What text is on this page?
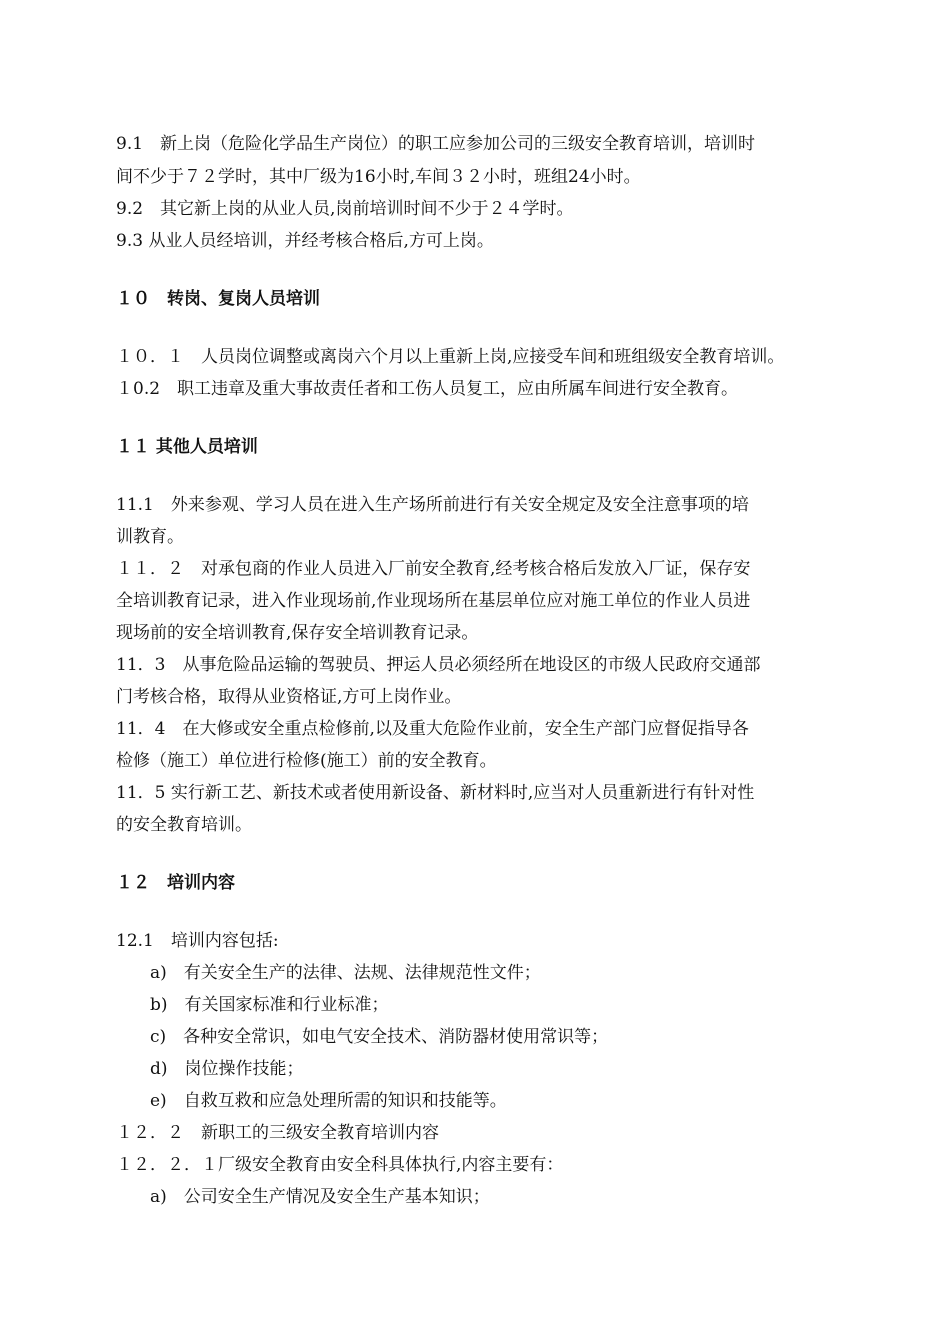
9.1　新上岗（危险化学品生产岗位）的职工应参加公司的三级安全教育培训，培训时
间不少于７２学时，其中厂级为16小时,车间３２小时，班组24小时。
9.2　其它新上岗的从业人员,岗前培训时间不少于２４学时。
9.3 从业人员经培训，并经考核合格后,方可上岗。
１０　转岗、复岗人员培训
１０．１　人员岗位调整或离岗六个月以上重新上岗,应接受车间和班组级安全教育培训。
１0.2　职工违章及重大事故责任者和工伤人员复工，应由所属车间进行安全教育。
１１ 其他人员培训
11.1　外来参观、学习人员在进入生产场所前进行有关安全规定及安全注意事项的培
训教育。
１１．２　对承包商的作业人员进入厂前安全教育,经考核合格后发放入厂证，保存安
全培训教育记录，进入作业现场前,作业现场所在基层单位应对施工单位的作业人员进
现场前的安全培训教育,保存安全培训教育记录。
11．3　从事危险品运输的驾驶员、押运人员必须经所在地设区的市级人民政府交通部
门考核合格，取得从业资格证,方可上岗作业。
11．4　在大修或安全重点检修前,以及重大危险作业前，安全生产部门应督促指导各
检修（施工）单位进行检修(施工）前的安全教育。
11．5 实行新工艺、新技术或者使用新设备、新材料时,应当对人员重新进行有针对性
的安全教育培训。
１２　培训内容
12.1　培训内容包括:
a)　有关安全生产的法律、法规、法律规范性文件；
b)　有关国家标准和行业标准；
c)　各种安全常识，如电气安全技术、消防器材使用常识等；
d)　岗位操作技能；
e)　自救互救和应急处理所需的知识和技能等。
１２．２　新职工的三级安全教育培训内容
１２．２．１厂级安全教育由安全科具体执行,内容主要有：
a)　公司安全生产情况及安全生产基本知识；
